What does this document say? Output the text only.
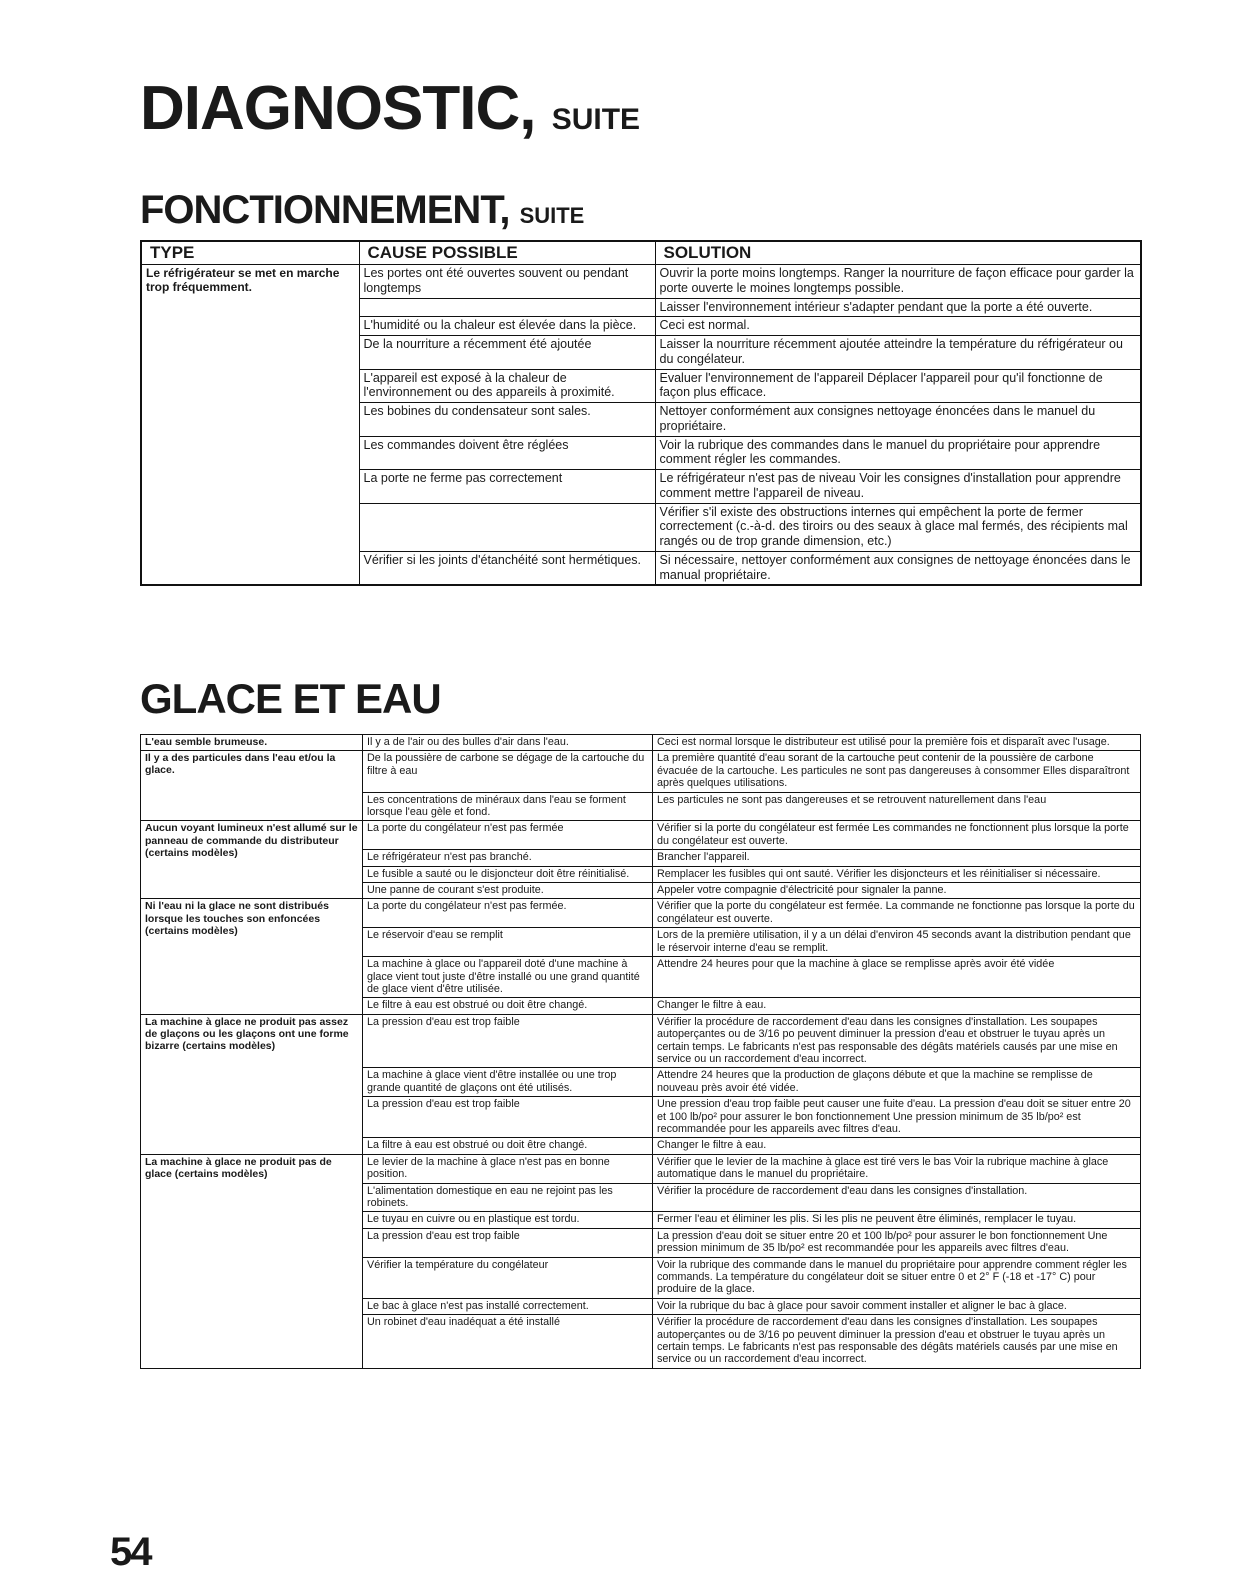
DIAGNOSTIC, SUITE
FONCTIONNEMENT, SUITE
TYPE	CAUSE POSSIBLE	SOLUTION
Le réfrigérateur se met en marche trop fréquemment.	Les portes ont été ouvertes souvent ou pendant longtemps	Ouvrir la porte moins longtemps. Ranger la nourriture de façon efficace pour garder la porte ouverte le moines longtemps possible.
		Laisser l'environnement intérieur s'adapter pendant que la porte a été ouverte.
	L'humidité ou la chaleur est élevée dans la pièce.	Ceci est normal.
	De la nourriture a récemment été ajoutée	Laisser la nourriture récemment ajoutée atteindre la température du réfrigérateur ou du congélateur.
	L'appareil est exposé à la chaleur de l'environnement ou des appareils à proximité.	Evaluer l'environnement de l'appareil Déplacer l'appareil pour qu'il fonctionne de façon plus efficace.
	Les bobines du condensateur sont sales.	Nettoyer conformément aux consignes nettoyage énoncées dans le manuel du propriétaire.
	Les commandes doivent être réglées	Voir la rubrique des commandes dans le manuel du propriétaire pour apprendre comment régler les commandes.
	La porte ne ferme pas correctement	Le réfrigérateur n'est pas de niveau Voir les consignes d'installation pour apprendre comment mettre l'appareil de niveau.
		Vérifier s'il existe des obstructions internes qui empêchent la porte de fermer correctement (c.-à-d. des tiroirs ou des seaux à glace mal fermés, des récipients mal rangés ou de trop grande dimension, etc.)
	Vérifier si les joints d'étanchéité sont hermétiques.	Si nécessaire, nettoyer conformément aux consignes de nettoyage énoncées dans le manual propriétaire.
GLACE ET EAU
L'eau semble brumeuse.	Il y a de l'air ou des bulles d'air dans l'eau.	Ceci est normal lorsque le distributeur est utilisé pour la première fois et disparaît avec l'usage.
Il y a des particules dans l'eau et/ou la glace.	De la poussière de carbone se dégage de la cartouche du filtre à eau	La première quantité d'eau sorant de la cartouche peut contenir de la poussière de carbone évacuée de la cartouche. Les particules ne sont pas dangereuses à consommer Elles disparaîtront après quelques utilisations.
	Les concentrations de minéraux dans l'eau se forment lorsque l'eau gèle et fond.	Les particules ne sont pas dangereuses et se retrouvent naturellement dans l'eau
Aucun voyant lumineux n'est allumé sur le panneau de commande du distributeur (certains modèles)	La porte du congélateur n'est pas fermée	Vérifier si la porte du congélateur est fermée Les commandes ne fonctionnent plus lorsque la porte du congélateur est ouverte.
	Le réfrigérateur n'est pas branché.	Brancher l'appareil.
	Le fusible a sauté ou le disjoncteur doit être réinitialisé.	Remplacer les fusibles qui ont sauté. Vérifier les disjoncteurs et les réinitialiser si nécessaire.
	Une panne de courant s'est produite.	Appeler votre compagnie d'électricité pour signaler la panne.
Ni l'eau ni la glace ne sont distribués lorsque les touches son enfoncées (certains modèles)	La porte du congélateur n'est pas fermée.	Vérifier que la porte du congélateur est fermée. La commande ne fonctionne pas lorsque la porte du congélateur est ouverte.
	Le réservoir d'eau se remplit	Lors de la première utilisation, il y a un délai d'environ 45 seconds avant la distribution pendant que le réservoir interne d'eau se remplit.
	La machine à glace ou l'appareil doté d'une machine à glace vient tout juste d'être installé ou une grand quantité de glace vient d'être utilisée.	Attendre 24 heures pour que la machine à glace se remplisse après avoir été vidée
	Le filtre à eau est obstrué ou doit être changé.	Changer le filtre à eau.
La machine à glace ne produit pas assez de glaçons ou les glaçons ont une forme bizarre (certains modèles)	La pression d'eau est trop faible	Vérifier la procédure de raccordement d'eau dans les consignes d'installation. Les soupapes autoperçantes ou de 3/16 po peuvent diminuer la pression d'eau et obstruer le tuyau après un certain temps. Le fabricants n'est pas responsable des dégâts matériels causés par une mise en service ou un raccordement d'eau incorrect.
	La machine à glace vient d'être installée ou une trop grande quantité de glaçons ont été utilisés.	Attendre 24 heures que la production de glaçons débute et que la machine se remplisse de nouveau près avoir été vidée.
	La pression d'eau est trop faible	Une pression d'eau trop faible peut causer une fuite d'eau. La pression d'eau doit se situer entre 20 et 100 lb/po² pour assurer le bon fonctionnement Une pression minimum de 35 lb/po² est recommandée pour les appareils avec filtres d'eau.
	La filtre à eau est obstrué ou doit être changé.	Changer le filtre à eau.
La machine à glace ne produit pas de glace (certains modèles)	Le levier de la machine à glace n'est pas en bonne position.	Vérifier que le levier de la machine à glace est tiré vers le bas Voir la rubrique machine à glace automatique dans le manuel du propriétaire.
	L'alimentation domestique en eau ne rejoint pas les robinets.	Vérifier la procédure de raccordement d'eau dans les consignes d'installation.
	Le tuyau en cuivre ou en plastique est tordu.	Fermer l'eau et éliminer les plis. Si les plis ne peuvent être éliminés, remplacer le tuyau.
	La pression d'eau est trop faible	La pression d'eau doit se situer entre 20 et 100 lb/po² pour assurer le bon fonctionnement Une pression minimum de 35 lb/po² est recommandée pour les appareils avec filtres d'eau.
	Vérifier la température du congélateur	Voir la rubrique des commande dans le manuel du propriétaire pour apprendre comment régler les commands. La température du congélateur doit se situer entre 0 et 2° F (-18 et -17° C) pour produire de la glace.
	Le bac à glace n'est pas installé correctement.	Voir la rubrique du bac à glace pour savoir comment installer et aligner le bac à glace.
	Un robinet d'eau inadéquat a été installé	Vérifier la procédure de raccordement d'eau dans les consignes d'installation. Les soupapes autoperçantes ou de 3/16 po peuvent diminuer la pression d'eau et obstruer le tuyau après un certain temps. Le fabricants n'est pas responsable des dégâts matériels causés par une mise en service ou un raccordement d'eau incorrect.
54
